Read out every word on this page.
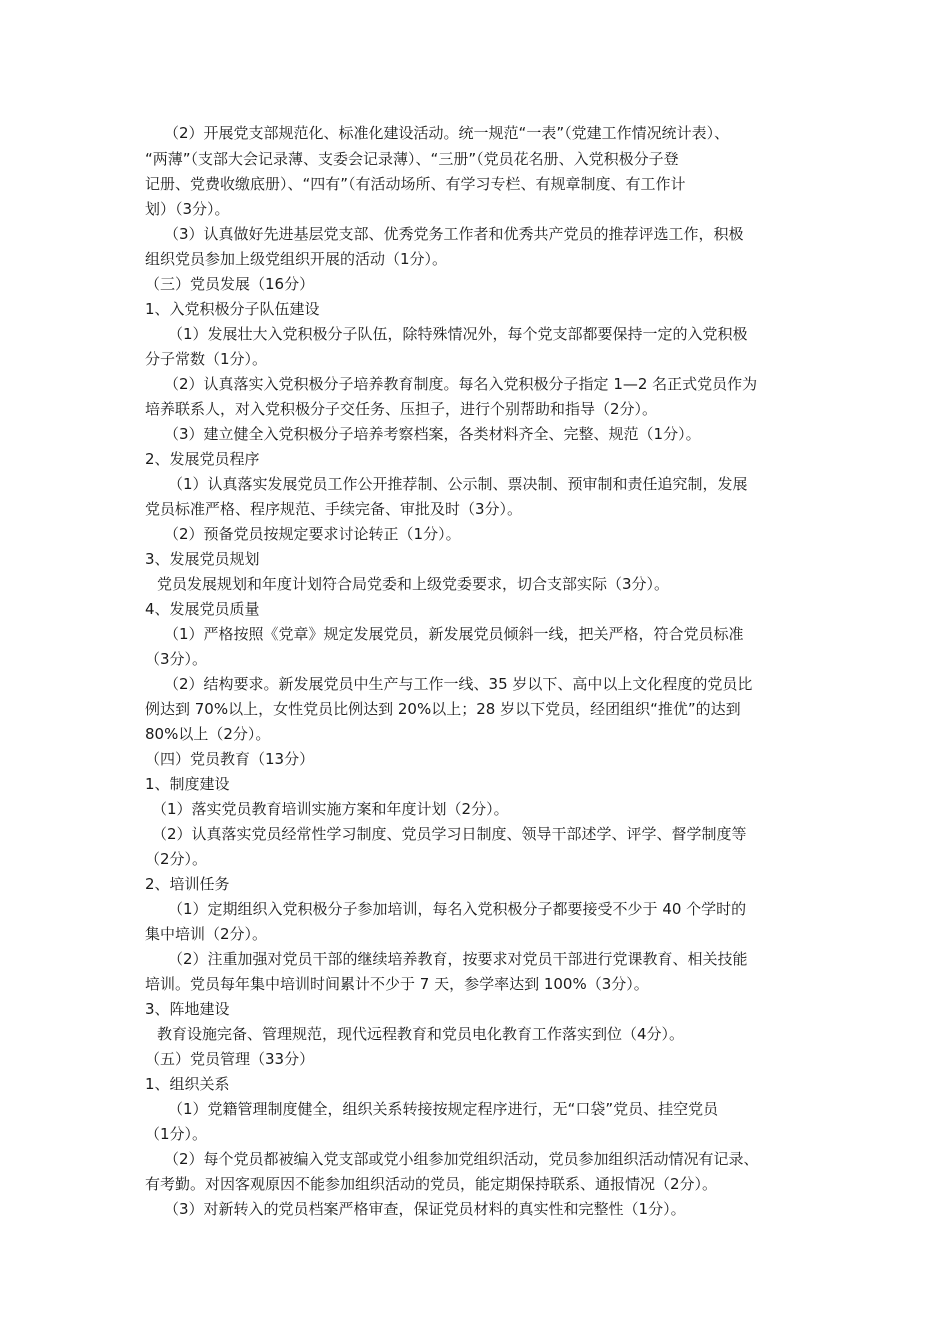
（2）开展党支部规范化、标准化建设活动。统一规范“一表”（党建工作情况统计表）、
“两薄”（支部大会记录薄、支委会记录薄）、“三册”（党员花名册、入党积极分子登
记册、党费收缴底册）、“四有”（有活动场所、有学习专栏、有规章制度、有工作计
划）（3分）。
（3）认真做好先进基层党支部、优秀党务工作者和优秀共产党员的推荐评选工作，积极
组织党员参加上级党组织开展的活动（1分）。
（三）党员发展（16分）
1、入党积极分子队伍建设
（1）发展壮大入党积极分子队伍，除特殊情况外，每个党支部都要保持一定的入党积极
分子常数（1分）。
（2）认真落实入党积极分子培养教育制度。每名入党积极分子指定 1—2 名正式党员作为
培养联系人，对入党积极分子交任务、压担子，进行个别帮助和指导（2分）。
（3）建立健全入党积极分子培养考察档案，各类材料齐全、完整、规范（1分）。
2、发展党员程序
（1）认真落实发展党员工作公开推荐制、公示制、票决制、预审制和责任追究制，发展
党员标准严格、程序规范、手续完备、审批及时（3分）。
（2）预备党员按规定要求讨论转正（1分）。
3、发展党员规划
党员发展规划和年度计划符合局党委和上级党委要求，切合支部实际（3分）。
4、发展党员质量
（1）严格按照《党章》规定发展党员，新发展党员倾斜一线，把关严格，符合党员标准
（3分）。
（2）结构要求。新发展党员中生产与工作一线、35 岁以下、高中以上文化程度的党员比
例达到 70%以上，女性党员比例达到 20%以上；28 岁以下党员，经团组织“推优”的达到
80%以上（2分）。
（四）党员教育（13分）
1、制度建设
（1）落实党员教育培训实施方案和年度计划（2分）。
（2）认真落实党员经常性学习制度、党员学习日制度、领导干部述学、评学、督学制度等
（2分）。
2、培训任务
（1）定期组织入党积极分子参加培训，每名入党积极分子都要接受不少于 40 个学时的
集中培训（2分）。
（2）注重加强对党员干部的继续培养教育，按要求对党员干部进行党课教育、相关技能
培训。党员每年集中培训时间累计不少于 7 天，参学率达到 100%（3分）。
3、阵地建设
教育设施完备、管理规范，现代远程教育和党员电化教育工作落实到位（4分）。
（五）党员管理（33分）
1、组织关系
（1）党籍管理制度健全，组织关系转接按规定程序进行，无“口袋”党员、挂空党员
（1分）。
（2）每个党员都被编入党支部或党小组参加党组织活动，党员参加组织活动情况有记录、
有考勤。对因客观原因不能参加组织活动的党员，能定期保持联系、通报情况（2分）。
（3）对新转入的党员档案严格审查，保证党员材料的真实性和完整性（1分）。
